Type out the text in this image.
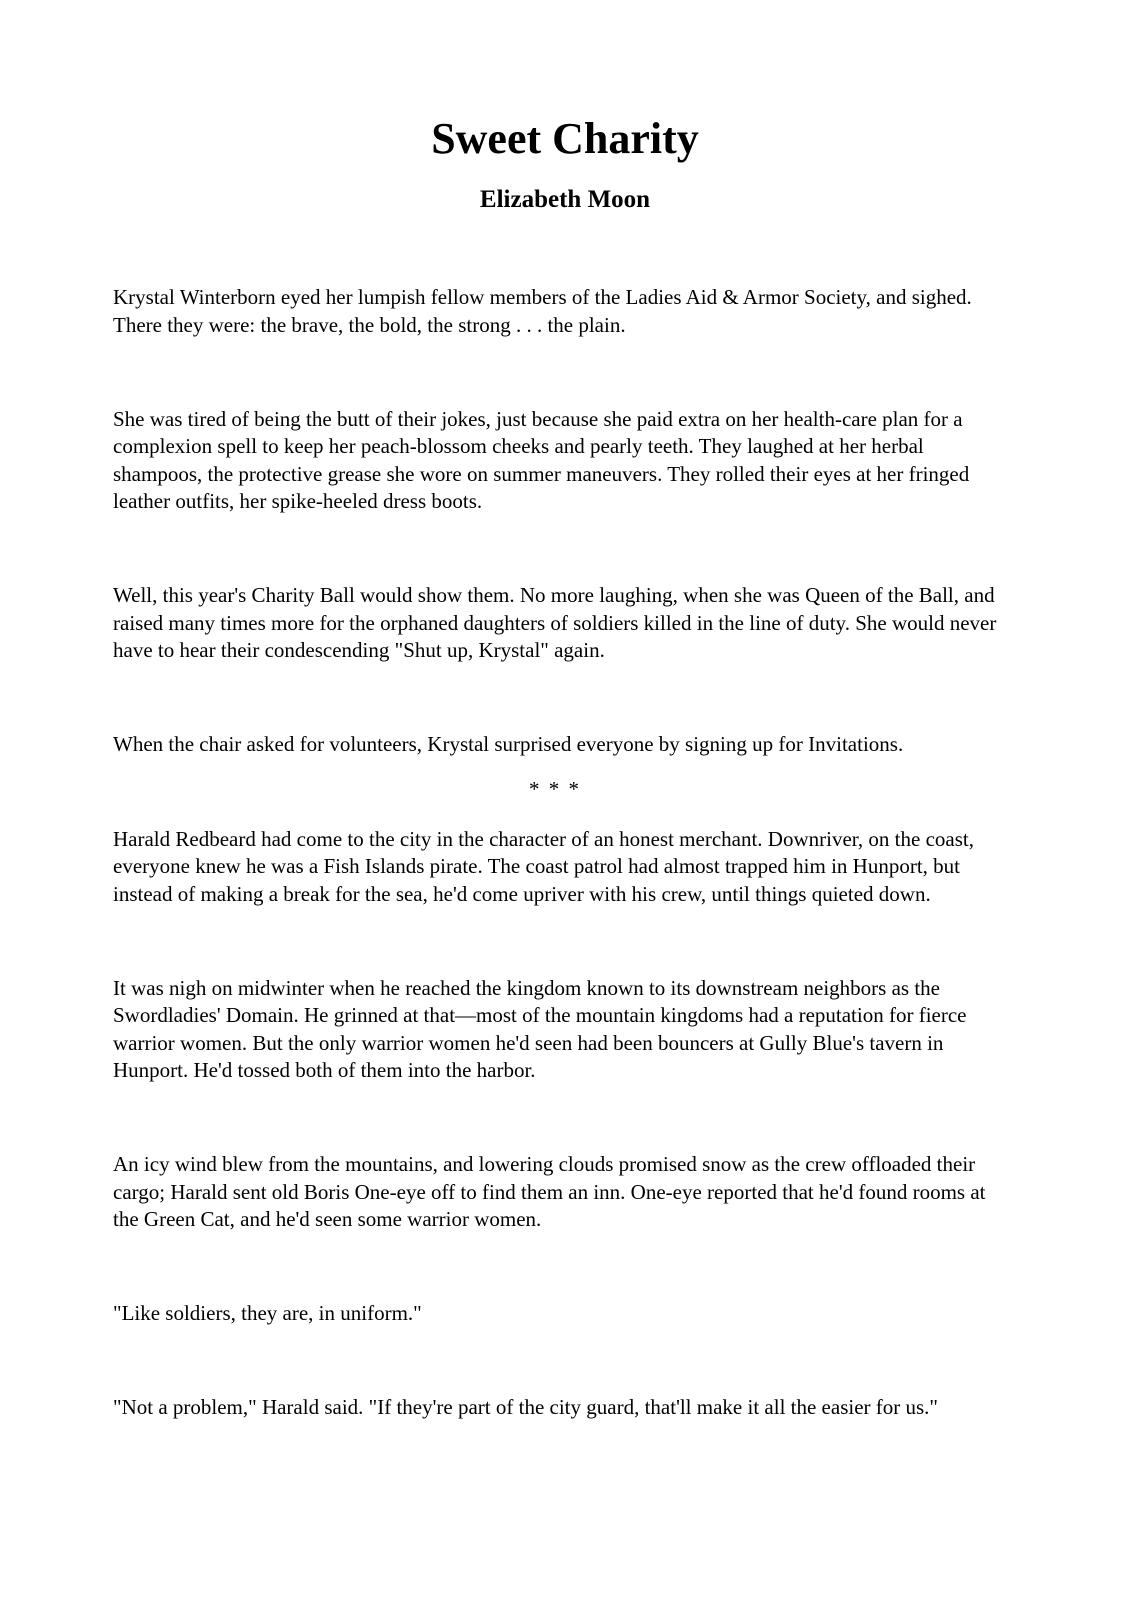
Sweet Charity
Elizabeth Moon

Krystal Winterborn eyed her lumpish fellow members of the Ladies Aid & Armor Society, and sighed. There they were: the brave, the bold, the strong . . . the plain.

She was tired of being the butt of their jokes, just because she paid extra on her health-care plan for a complexion spell to keep her peach-blossom cheeks and pearly teeth. They laughed at her herbal shampoos, the protective grease she wore on summer maneuvers. They rolled their eyes at her fringed leather outfits, her spike-heeled dress boots.

Well, this year's Charity Ball would show them. No more laughing, when she was Queen of the Ball, and raised many times more for the orphaned daughters of soldiers killed in the line of duty. She would never have to hear their condescending "Shut up, Krystal" again.

When the chair asked for volunteers, Krystal surprised everyone by signing up for Invitations.

* * *

Harald Redbeard had come to the city in the character of an honest merchant. Downriver, on the coast, everyone knew he was a Fish Islands pirate. The coast patrol had almost trapped him in Hunport, but instead of making a break for the sea, he'd come upriver with his crew, until things quieted down.

It was nigh on midwinter when he reached the kingdom known to its downstream neighbors as the Swordladies' Domain. He grinned at that—most of the mountain kingdoms had a reputation for fierce warrior women. But the only warrior women he'd seen had been bouncers at Gully Blue's tavern in Hunport. He'd tossed both of them into the harbor.

An icy wind blew from the mountains, and lowering clouds promised snow as the crew offloaded their cargo; Harald sent old Boris One-eye off to find them an inn. One-eye reported that he'd found rooms at the Green Cat, and he'd seen some warrior women.

"Like soldiers, they are, in uniform."

"Not a problem," Harald said. "If they're part of the city guard, that'll make it all the easier for us."
